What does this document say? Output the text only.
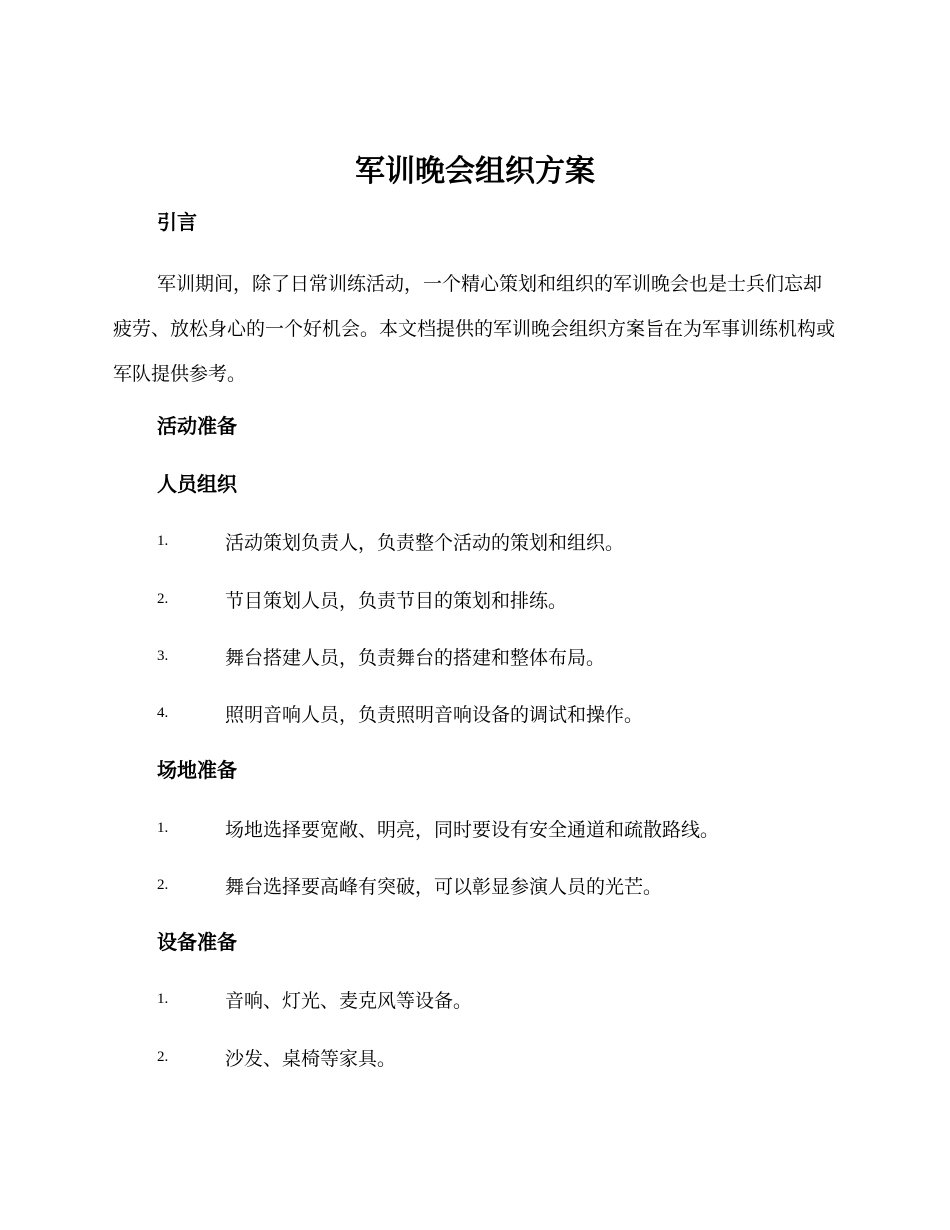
军训晚会组织方案
引言

军训期间，除了日常训练活动，一个精心策划和组织的军训晚会也是士兵们忘却疲劳、放松身心的一个好机会。本文档提供的军训晚会组织方案旨在为军事训练机构或军队提供参考。

活动准备
人员组织
1.	活动策划负责人，负责整个活动的策划和组织。
2.	节目策划人员，负责节目的策划和排练。
3.	舞台搭建人员，负责舞台的搭建和整体布局。
4.	照明音响人员，负责照明音响设备的调试和操作。
场地准备
1.	场地选择要宽敞、明亮，同时要设有安全通道和疏散路线。
2.	舞台选择要高峰有突破，可以彰显参演人员的光芒。
设备准备
1.	音响、灯光、麦克风等设备。
2.	沙发、桌椅等家具。
